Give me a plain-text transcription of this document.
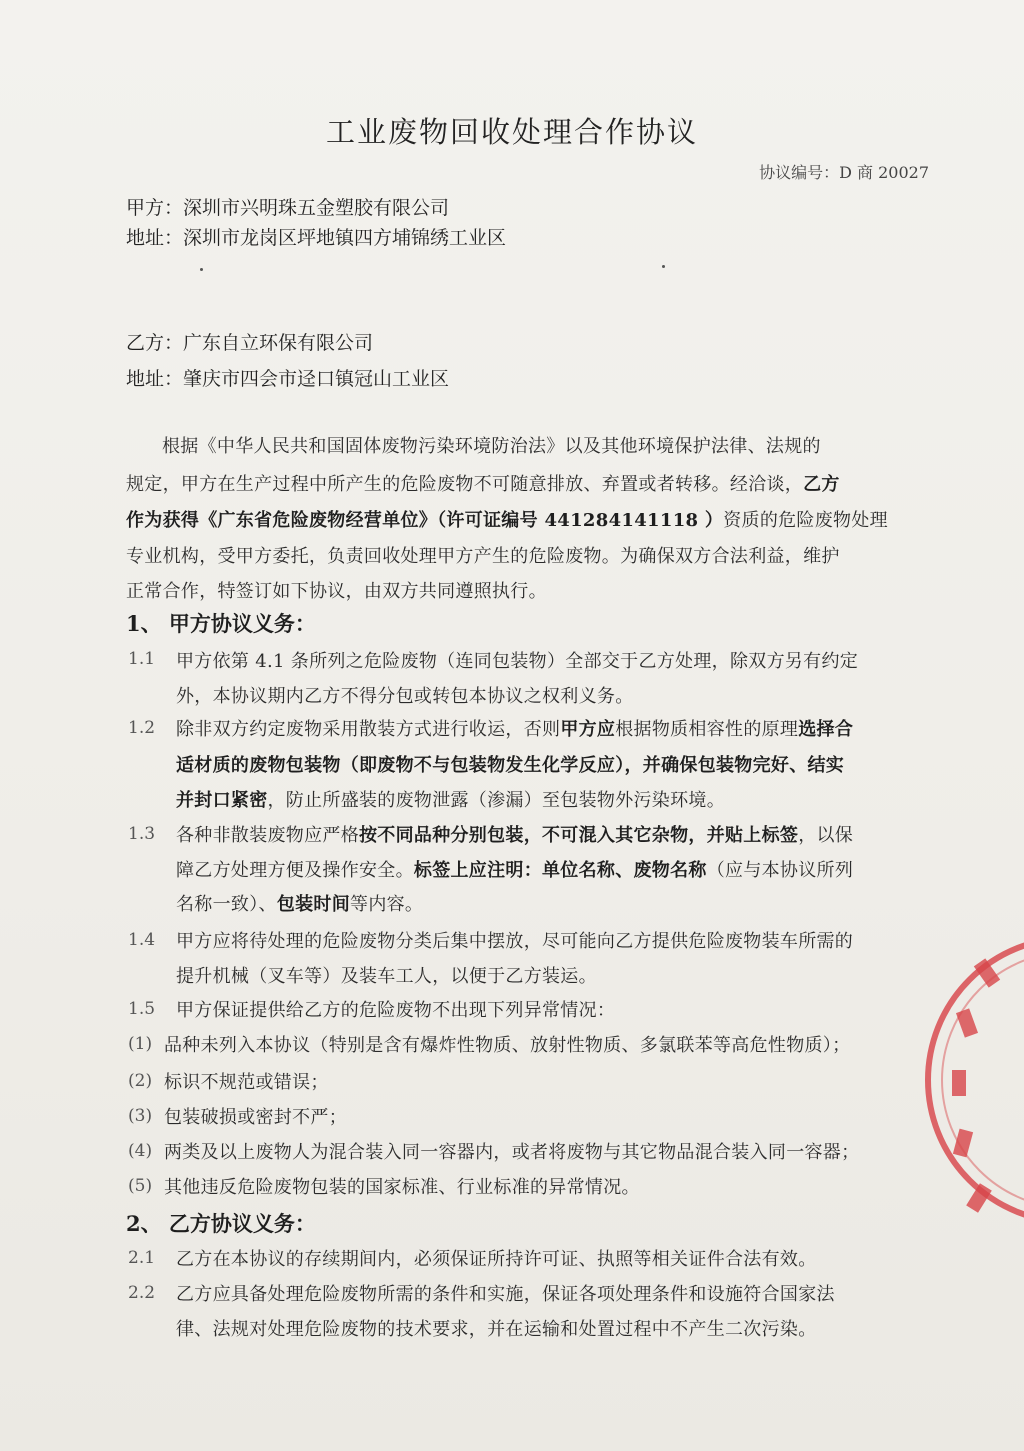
工业废物回收处理合作协议
协议编号：D 商 20027
甲方：深圳市兴明珠五金塑胶有限公司
地址：深圳市龙岗区坪地镇四方埔锦绣工业区
乙方：广东自立环保有限公司
地址：肇庆市四会市迳口镇冠山工业区
根据《中华人民共和国固体废物污染环境防治法》以及其他环境保护法律、法规的
规定，甲方在生产过程中所产生的危险废物不可随意排放、弃置或者转移。经洽谈，乙方
作为获得《广东省危险废物经营单位》（许可证编号 441284141118 ）资质的危险废物处理
专业机构，受甲方委托，负责回收处理甲方产生的危险废物。为确保双方合法利益，维护
正常合作，特签订如下协议，由双方共同遵照执行。
1、 甲方协议义务：
1.1 甲方依第 4.1 条所列之危险废物（连同包装物）全部交于乙方处理，除双方另有约定
外，本协议期内乙方不得分包或转包本协议之权利义务。
1.2 除非双方约定废物采用散装方式进行收运，否则甲方应根据物质相容性的原理选择合
适材质的废物包装物（即废物不与包装物发生化学反应），并确保包装物完好、结实
并封口紧密，防止所盛装的废物泄露（渗漏）至包装物外污染环境。
1.3 各种非散装废物应严格按不同品种分别包装，不可混入其它杂物，并贴上标签，以保
障乙方处理方便及操作安全。标签上应注明：单位名称、废物名称（应与本协议所列
名称一致）、包装时间等内容。
1.4 甲方应将待处理的危险废物分类后集中摆放，尽可能向乙方提供危险废物装车所需的
提升机械（叉车等）及装车工人，以便于乙方装运。
1.5 甲方保证提供给乙方的危险废物不出现下列异常情况：
(1) 品种未列入本协议（特别是含有爆炸性物质、放射性物质、多氯联苯等高危性物质）；
(2) 标识不规范或错误；
(3) 包装破损或密封不严；
(4) 两类及以上废物人为混合装入同一容器内，或者将废物与其它物品混合装入同一容器；
(5) 其他违反危险废物包装的国家标准、行业标准的异常情况。
2、 乙方协议义务：
2.1 乙方在本协议的存续期间内，必须保证所持许可证、执照等相关证件合法有效。
2.2 乙方应具备处理危险废物所需的条件和实施，保证各项处理条件和设施符合国家法
律、法规对处理危险废物的技术要求，并在运输和处置过程中不产生二次污染。
